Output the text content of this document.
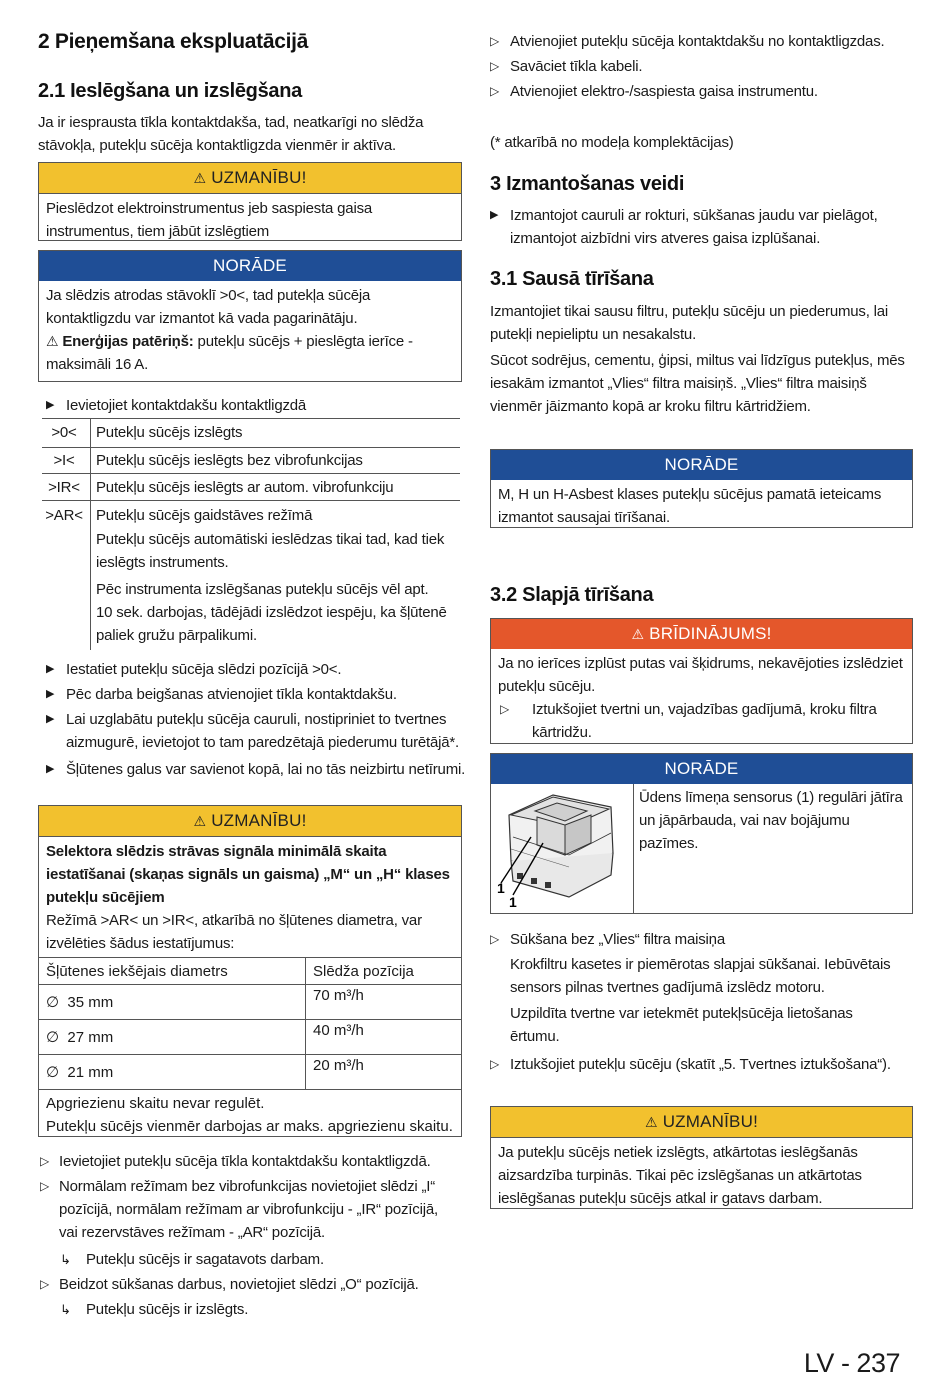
2 Pieņemšana ekspluatācijā
2.1 Ieslēgšana un izslēgšana

Ja ir iesprausta tīkla kontaktdakša, tad, neatkarīgi no slēdža stāvokļa, putekļu sūcēja kontaktligzda vienmēr ir aktīva.

⚠ UZMANĪBU!
Pieslēdzot elektroinstrumentus jeb saspiesta gaisa instrumentus, tiem jābūt izslēgtiem
NORĀDE
Ja slēdzis atrodas stāvoklī >0<, tad putekļa sūcēja kontaktligzdu var izmantot kā vada pagarinātāju.
⚠ Enerģijas patēriņš: putekļu sūcējs + pieslēgta ierīce - maksimāli 16 A.
▶ Ievietojiet kontaktdakšu kontaktligzdā
>0<	Putekļu sūcējs izslēgts
>I<	Putekļu sūcējs ieslēgts bez vibrofunkcijas
>IR<	Putekļu sūcējs ieslēgts ar autom. vibrofunkciju
>AR< Putekļu sūcējs gaidstāves režīmā

Putekļu sūcējs automātiski ieslēdzas tikai tad, kad tiek ieslēgts instruments.

Pēc instrumenta izslēgšanas putekļu sūcējs vēl apt. 10 sek. darbojas, tādējādi izslēdzot iespēju, ka šļūtenē paliek gružu pārpalikumi.

▶ Iestatiet putekļu sūcēja slēdzi pozīcijā >0<.
▶ Pēc darba beigšanas atvienojiet tīkla kontaktdakšu.
▶ Lai uzglabātu putekļu sūcēja cauruli, nostipriniet to tvertnes aizmugurē, ievietojot to tam paredzētajā piederumu turētājā*.
▶ Šļūtenes galus var savienot kopā, lai no tās neizbirtu netīrumi.
⚠ UZMANĪBU!
Selektora slēdzis strāvas signāla minimālā skaita iestatīšanai (skaņas signāls un gaisma) „M“ un „H“ klases putekļu sūcējiem
Režīmā >AR< un >IR<, atkarībā no šļūtenes diametra, var izvēlēties šādus iestatījumus:
Šļūtenes iekšējais diametrs	Slēdža pozīcija
∅ 35 mm	70 m³/h
∅ 27 mm	40 m³/h
∅ 21 mm	20 m³/h
Apgriezienu skaitu nevar regulēt.
Putekļu sūcējs vienmēr darbojas ar maks. apgriezienu skaitu.	
▷ Ievietojiet putekļu sūcēja tīkla kontaktdakšu kontaktligzdā.
▷ Normālam režīmam bez vibrofunkcijas novietojiet slēdzi „I“ pozīcijā, normālam režīmam ar vibrofunkciju - „IR“ pozīcijā, vai rezervstāves režīmam - „AR“ pozīcijā.
↳ Putekļu sūcējs ir sagatavots darbam.
▷ Beidzot sūkšanas darbus, novietojiet slēdzi „O“ pozīcijā.
↳ Putekļu sūcējs ir izslēgts.
▷ Atvienojiet putekļu sūcēja kontaktdakšu no kontaktligzdas.
▷ Savāciet tīkla kabeli.
▷ Atvienojiet elektro-/saspiesta gaisa instrumentu.

(* atkarībā no modeļa komplektācijas)

3 Izmantošanas veidi
▶ Izmantojot cauruli ar rokturi, sūkšanas jaudu var pielāgot, izmantojot aizbīdni virs atveres gaisa izplūšanai.
3.1 Sausā tīrīšana

Izmantojiet tikai sausu filtru, putekļu sūcēju un piederumus, lai putekļi nepieliptu un nesakalstu.

Sūcot sodrējus, cementu, ģipsi, miltus vai līdzīgus putekļus, mēs iesakām izmantot „Vlies“ filtra maisiņš. „Vlies“ filtra maisiņš vienmēr jāizmanto kopā ar kroku filtru kārtridžiem.

NORĀDE
M, H un H-Asbest klases putekļu sūcējus pamatā ieteicams izmantot sausajai tīrīšanai.
3.2 Slapjā tīrīšana
⚠ BRĪDINĀJUMS!
Ja no ierīces izplūst putas vai šķidrums, nekavējoties izslēdziet putekļu sūcēju.
▷ Iztukšojiet tvertni un, vajadzības gadījumā, kroku filtra kārtridžu.
NORĀDE
1
1
Ūdens līmeņa sensorus (1) regulāri jātīra un jāpārbauda, vai nav bojājumu pazīmes.
▷ Sūkšana bez „Vlies“ filtra maisiņa

Krokfiltru kasetes ir piemērotas slapjai sūkšanai. Iebūvētais sensors pilnas tvertnes gadījumā izslēdz motoru.

Uzpildīta tvertne var ietekmēt putekļsūcēja lietošanas ērtumu.

▷ Iztukšojiet putekļu sūcēju (skatīt „5. Tvertnes iztukšošana“).
⚠ UZMANĪBU!
Ja putekļu sūcējs netiek izslēgts, atkārtotas ieslēgšanās aizsardzība turpinās. Tikai pēc izslēgšanas un atkārtotas ieslēgšanas putekļu sūcējs atkal ir gatavs darbam.
LV - 237
